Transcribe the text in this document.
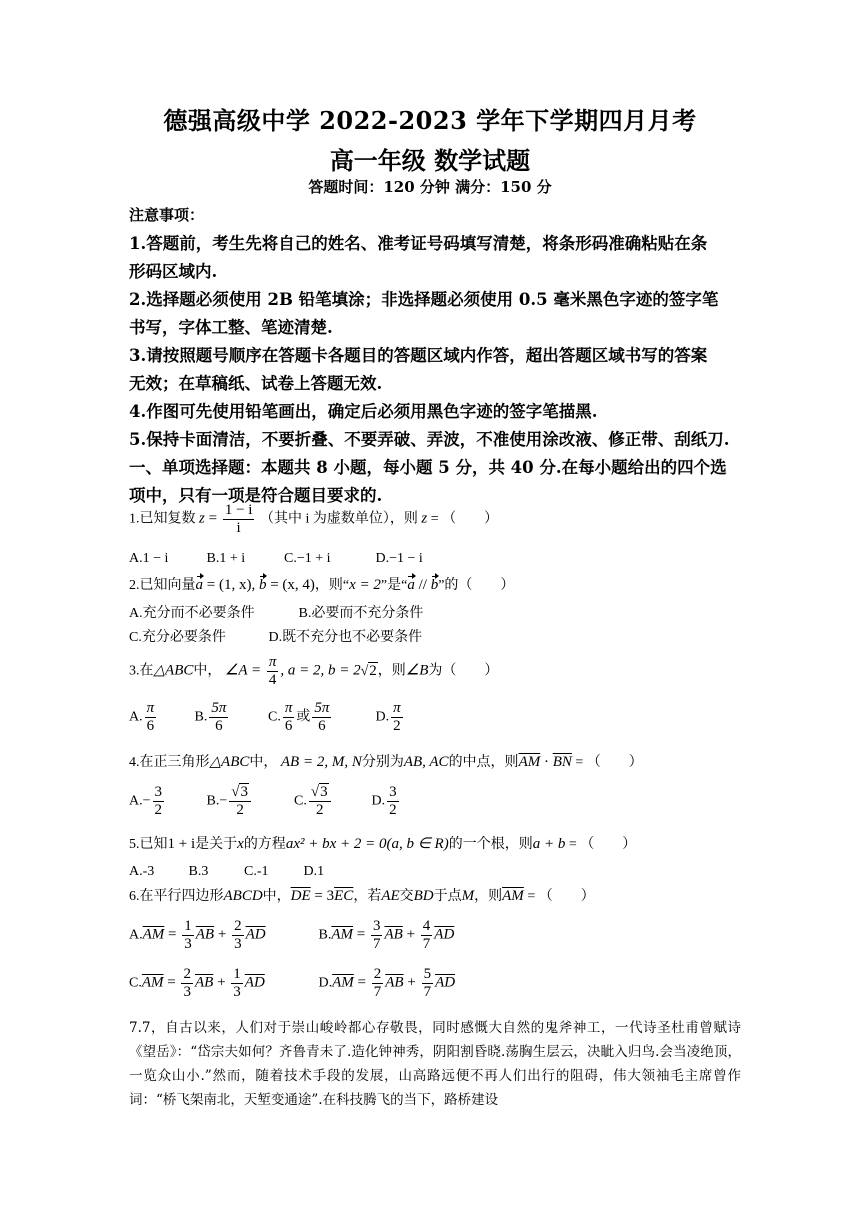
德强高级中学 2022-2023 学年下学期四月月考
高一年级 数学试题
答题时间：120 分钟 满分：150 分
注意事项：

1.答题前，考生先将自己的姓名、准考证号码填写清楚，将条形码准确粘贴在条

形码区域内.

2.选择题必须使用 2B 铅笔填涂；非选择题必须使用 0.5 毫米黑色字迹的签字笔

书写，字体工整、笔迹清楚.

3.请按照题号顺序在答题卡各题目的答题区域内作答，超出答题区域书写的答案

无效；在草稿纸、试卷上答题无效.

4.作图可先使用铅笔画出，确定后必须用黑色字迹的签字笔描黑.

5.保持卡面清洁，不要折叠、不要弄破、弄波，不准使用涂改液、修正带、刮纸刀.

一、单项选择题：本题共 8 小题，每小题 5 分，共 40 分.在每小题给出的四个选

项中，只有一项是符合题目要求的.

1.已知复数 $z = \frac{1 - i}{i}$ （其中 i 为虚数单位），则 z = （　　）
A.1 − i	B.1 + i	C.−1 + i	D.−1 − i
2.已知向量a = (1, x), b = (x, 4)，则“x = 2”是“a // b”的（　　）
A.充分而不必要条件	B.必要而不充分条件
C.充分必要条件	D.既不充分也不必要条件
3.在△ABC中， ∠A = $\frac{\pi}{4}$ , a = 2, b = 2√2，则∠B为（　　）
A. $\frac{\pi}{6}$	B. $\frac{5\pi}{6}$	C. $\frac{\pi}{6}$ 或 $\frac{5\pi}{6}$	D. $\frac{\pi}{2}$
4.在正三角形△ABC中， AB = 2, M, N分别为AB, AC的中点，则$\overline{AM} \cdot \overline{BN}$ = （　　）
$A.- \frac{3}{2}$	$B.- \frac{√3}{2}$	C. $\frac{√3}{2}$	D. $\frac{3}{2}$
5.已知1 + i是关于x的方程ax² + bx + 2 = 0(a, b ∈ R)的一个根，则a + b = （　　）
A.-3 B.3	C.-1	D.1
6.在平行四边形ABCD中，$\overline{DE} = 3\overline{EC}$，若AE交BD于点M，则$\overline{AM}$ = （　　）
$A.\overline{AM} = \frac{1}{3} \overline{AB} + \frac{2}{3} \overline{AD}$	$B.\overline{AM} = \frac{3}{7} \overline{AB} + \frac{4}{7} \overline{AD}$
$C.\overline{AM} = \frac{2}{3} \overline{AB} + \frac{1}{3} \overline{AD}$	$D.\overline{AM} = \frac{2}{7} \overline{AB} + \frac{5}{7} \overline{AD}$
7.7，自古以来，人们对于崇山峻岭都心存敬畏，同时感慨大自然的鬼斧神工，一代诗圣杜甫曾赋诗《望岳》：“岱宗夫如何？齐鲁青未了.造化钟神秀，阴阳割昏晓.荡胸生层云，决眦入归鸟.会当凌绝顶，一览众山小.”然而，随着技术手段的发展，山高路远便不再人们出行的阻碍，伟大领袖毛主席曾作词：“桥飞架南北，天堑变通途”.在科技腾飞的当下，路桥建设
